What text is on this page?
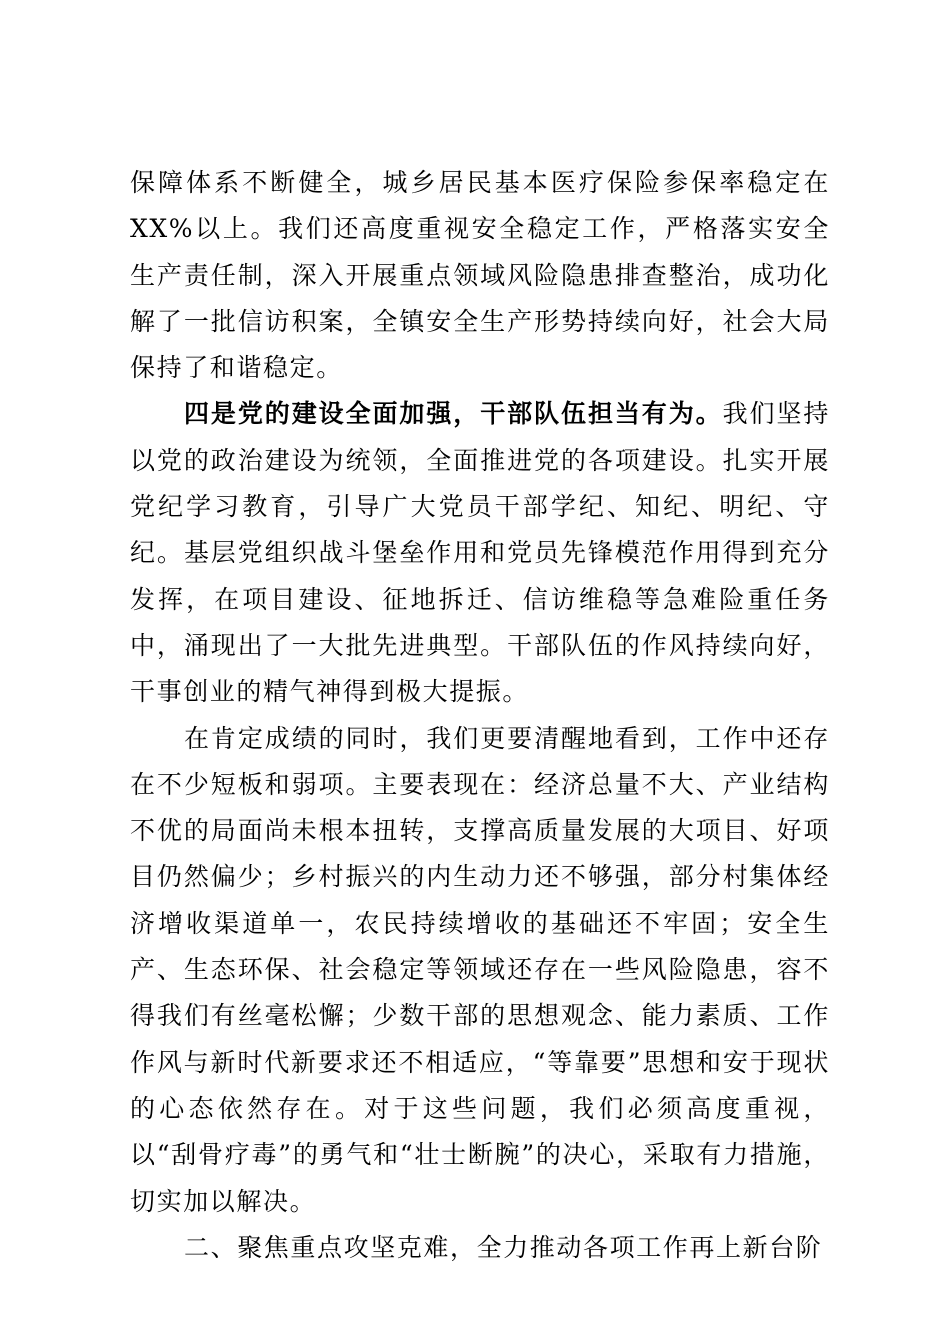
保障体系不断健全，城乡居民基本医疗保险参保率稳定在XX%以上。我们还高度重视安全稳定工作，严格落实安全生产责任制，深入开展重点领域风险隐患排查整治，成功化解了一批信访积案，全镇安全生产形势持续向好，社会大局保持了和谐稳定。

四是党的建设全面加强，干部队伍担当有为。我们坚持以党的政治建设为统领，全面推进党的各项建设。扎实开展党纪学习教育，引导广大党员干部学纪、知纪、明纪、守纪。基层党组织战斗堡垒作用和党员先锋模范作用得到充分发挥，在项目建设、征地拆迁、信访维稳等急难险重任务中，涌现出了一大批先进典型。干部队伍的作风持续向好，干事创业的精气神得到极大提振。

在肯定成绩的同时，我们更要清醒地看到，工作中还存在不少短板和弱项。主要表现在：经济总量不大、产业结构不优的局面尚未根本扭转，支撑高质量发展的大项目、好项目仍然偏少；乡村振兴的内生动力还不够强，部分村集体经济增收渠道单一，农民持续增收的基础还不牢固；安全生产、生态环保、社会稳定等领域还存在一些风险隐患，容不得我们有丝毫松懈；少数干部的思想观念、能力素质、工作作风与新时代新要求还不相适应，“等靠要”思想和安于现状的心态依然存在。对于这些问题，我们必须高度重视，以“刮骨疗毒”的勇气和“壮士断腕”的决心，采取有力措施，切实加以解决。

二、聚焦重点攻坚克难，全力推动各项工作再上新台阶
